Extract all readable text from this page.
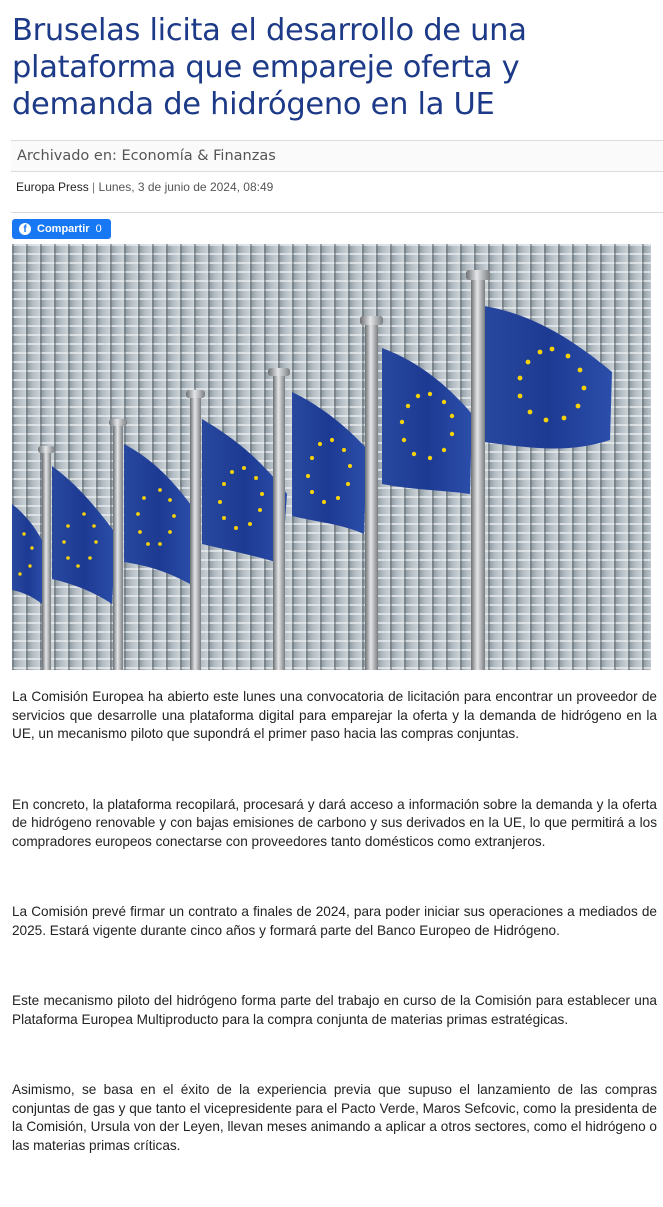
Bruselas licita el desarrollo de una plataforma que empareje oferta y demanda de hidrógeno en la UE
Archivado en: Economía & Finanzas
Europa Press | Lunes, 3 de junio de 2024, 08:49
f Compartir 0

La Comisión Europea ha abierto este lunes una convocatoria de licitación para encontrar un proveedor de servicios que desarrolle una plataforma digital para emparejar la oferta y la demanda de hidrógeno en la UE, un mecanismo piloto que supondrá el primer paso hacia las compras conjuntas.

En concreto, la plataforma recopilará, procesará y dará acceso a información sobre la demanda y la oferta de hidrógeno renovable y con bajas emisiones de carbono y sus derivados en la UE, lo que permitirá a los compradores europeos conectarse con proveedores tanto domésticos como extranjeros.

La Comisión prevé firmar un contrato a finales de 2024, para poder iniciar sus operaciones a mediados de 2025. Estará vigente durante cinco años y formará parte del Banco Europeo de Hidrógeno.

Este mecanismo piloto del hidrógeno forma parte del trabajo en curso de la Comisión para establecer una Plataforma Europea Multiproducto para la compra conjunta de materias primas estratégicas.

Asimismo, se basa en el éxito de la experiencia previa que supuso el lanzamiento de las compras conjuntas de gas y que tanto el vicepresidente para el Pacto Verde, Maros Sefcovic, como la presidenta de la Comisión, Ursula von der Leyen, llevan meses animando a aplicar a otros sectores, como el hidrógeno o las materias primas críticas.
